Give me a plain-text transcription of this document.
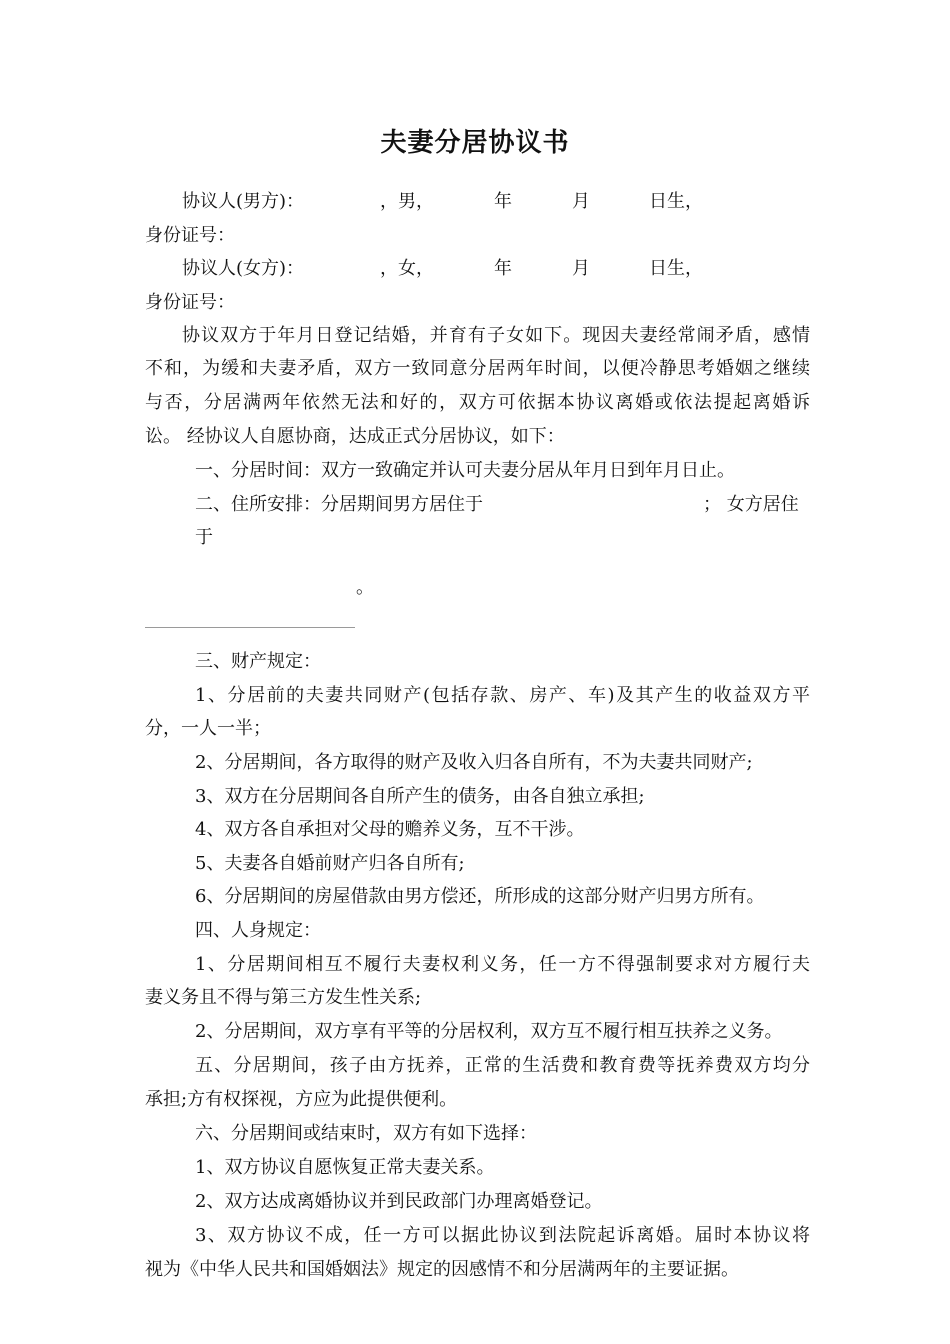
夫妻分居协议书
协议人(男方)：	，男，	年	月	日生，
身份证号：
协议人(女方)：	，女，	年	月	日生，
身份证号：
协议双方于年月日登记结婚，并育有子女如下。现因夫妻经常闹矛盾，感情
不和，为缓和夫妻矛盾，双方一致同意分居两年时间，以便冷静思考婚姻之继续
与否，分居满两年依然无法和好的，双方可依据本协议离婚或依法提起离婚诉
讼。 经协议人自愿协商，达成正式分居协议，如下：
一、分居时间：双方一致确定并认可夫妻分居从年月日到年月日止。
二、住所安排：分居期间男方居住于	； 女方居住
于
。
三、财产规定：
1、分居前的夫妻共同财产(包括存款、房产、车)及其产生的收益双方平
分，一人一半；
2、分居期间，各方取得的财产及收入归各自所有，不为夫妻共同财产;
3、双方在分居期间各自所产生的债务，由各自独立承担;
4、双方各自承担对父母的赡养义务，互不干涉。
5、夫妻各自婚前财产归各自所有;
6、分居期间的房屋借款由男方偿还，所形成的这部分财产归男方所有。
四、人身规定：
1、分居期间相互不履行夫妻权利义务，任一方不得强制要求对方履行夫
妻义务且不得与第三方发生性关系;
2、分居期间，双方享有平等的分居权利，双方互不履行相互扶养之义务。
五、分居期间，孩子由方抚养，正常的生活费和教育费等抚养费双方均分
承担;方有权探视，方应为此提供便利。
六、分居期间或结束时，双方有如下选择：
1、双方协议自愿恢复正常夫妻关系。
2、双方达成离婚协议并到民政部门办理离婚登记。
3、双方协议不成，任一方可以据此协议到法院起诉离婚。届时本协议将
视为《中华人民共和国婚姻法》规定的因感情不和分居满两年的主要证据。
